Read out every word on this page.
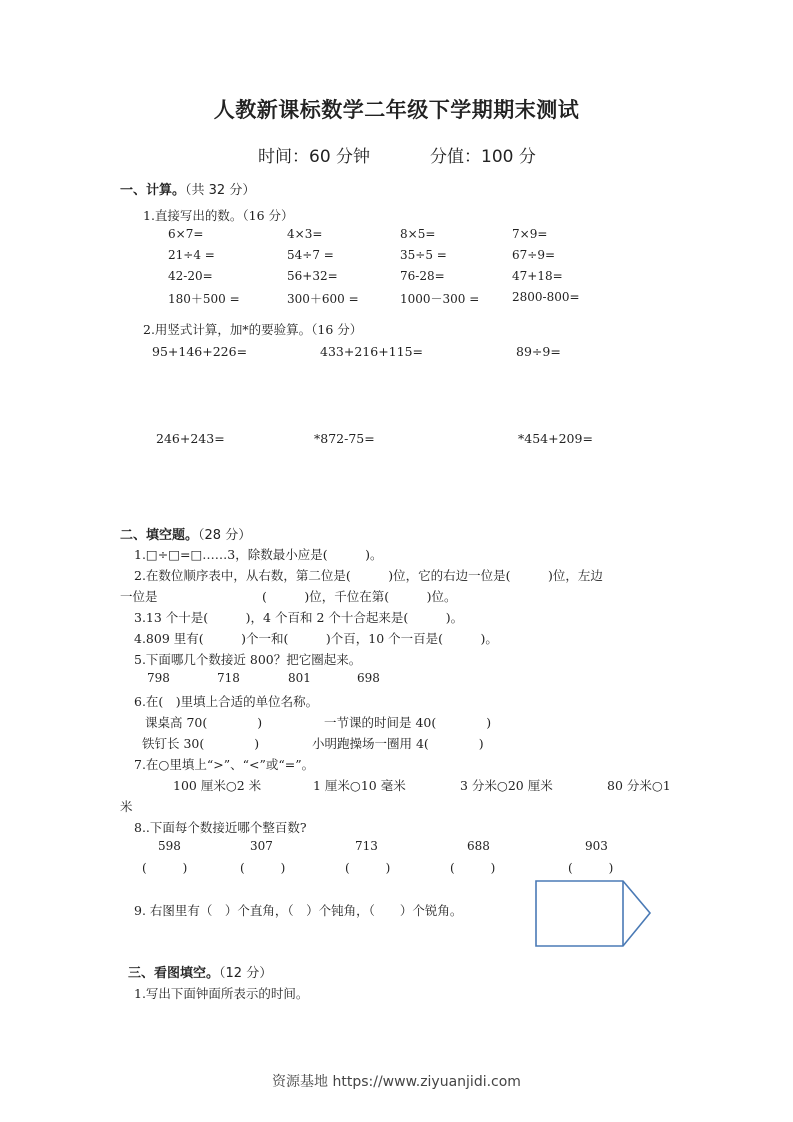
人教新课标数学二年级下学期期末测试
时间：60 分钟	分值：100 分
一、计算。（共 32 分）
1.直接写出的数。（16 分）
6×7=	4×3=	8×5=	7×9=
21÷4 =	54÷7 =	35÷5 =	67÷9=
42-20=	56+32=	76-28=	47+18=
180＋500 =	300＋600 =	1000－300 =	2800-800=
2.用竖式计算，加*的要验算。（16 分）
95+146+226=	433+216+115=	89÷9=
246+243=	*872-75=	*454+209=
二、填空题。（28 分）
1.□÷□=□……3，除数最小应是(　　　)。
2.在数位顺序表中，从右数，第二位是(　　　)位，它的右边一位是(　　　)位，左边
一位是	(　　　)位，千位在第(　　　)位。
3.13 个十是(　　　)，4 个百和 2 个十合起来是(　　　)。
4.809 里有(　　　)个一和(　　　)个百，10 个一百是(　　　)。
5.下面哪几个数接近 800？把它圈起来。
798	718	801	698
6.在(　)里填上合适的单位名称。
课桌高 70(　　　　)	一节课的时间是 40(　　　　)
铁钉长 30(　　　　)	小明跑操场一圈用 4(　　　　)
7.在○里填上“>”、“<”或“=”。
100 厘米○2 米	1 厘米○10 毫米	3 分米○20 厘米	80 分米○1
米
8..下面每个数接近哪个整百数?
598	307	713	688	903
(　　　)	(　　　)	(　　　)	(　　　)	(　　　)
9. 右图里有（　）个直角，（　）个钝角，（　　）个锐角。
三、看图填空。（12 分）
1.写出下面钟面所表示的时间。
资源基地 https://www.ziyuanjidi.com
